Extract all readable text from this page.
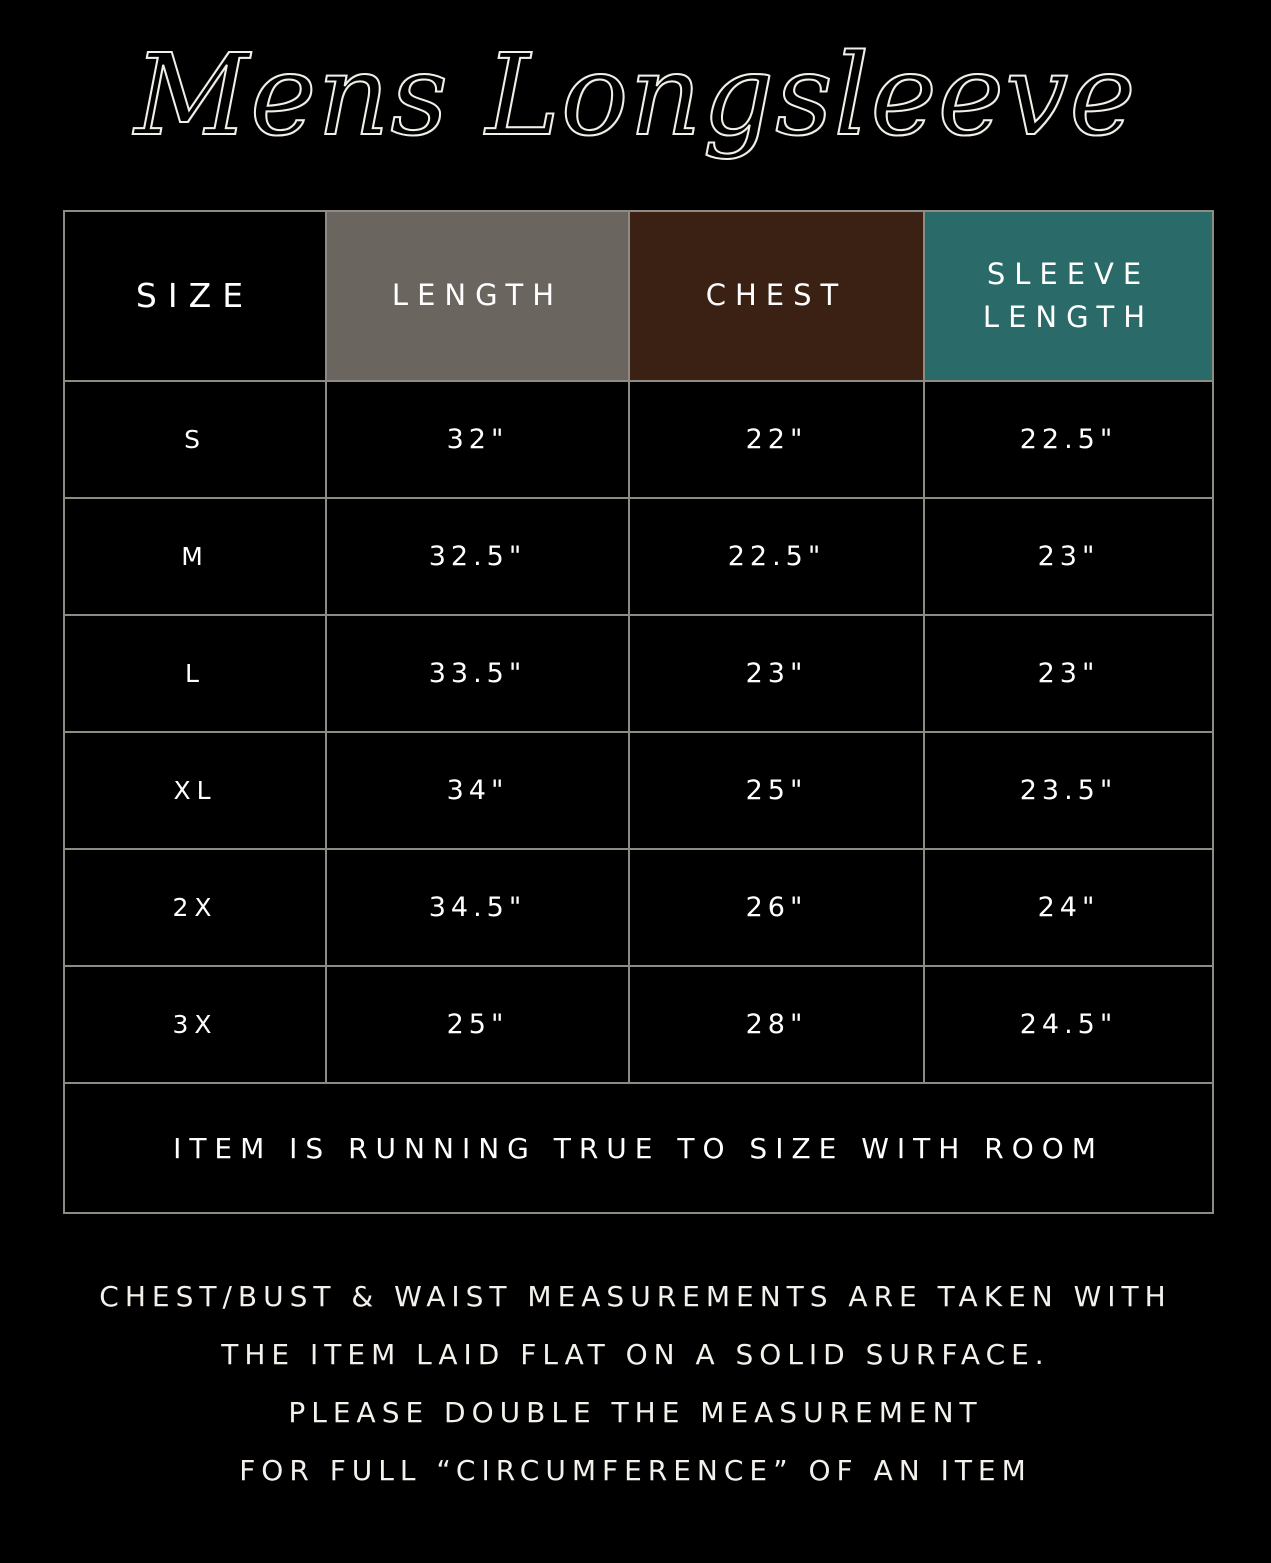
Mens Longsleeve
SIZE	LENGTH	CHEST	SLEEVE LENGTH
S	32"	22"	22.5"
M	32.5"	22.5"	23"
L	33.5"	23"	23"
XL	34"	25"	23.5"
2X	34.5"	26"	24"
3X	25"	28"	24.5"
ITEM IS RUNNING TRUE TO SIZE WITH ROOM			
CHEST/BUST & WAIST MEASUREMENTS ARE TAKEN WITH
THE ITEM LAID FLAT ON A SOLID SURFACE.
PLEASE DOUBLE THE MEASUREMENT
FOR FULL “CIRCUMFERENCE” OF AN ITEM
